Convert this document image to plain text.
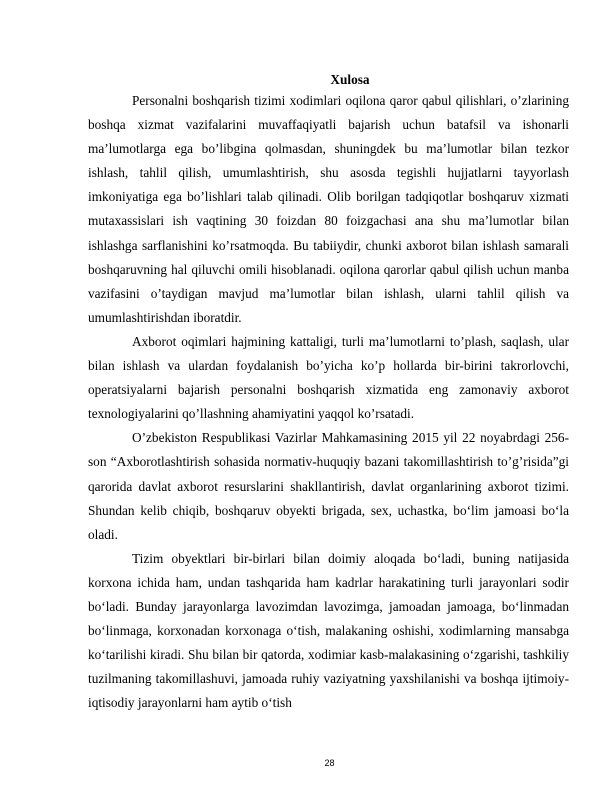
Xulosa

Personalni boshqarish tizimi xodimlari oqilona qaror qabul qilishlari, o’zlarining boshqa xizmat vazifalarini muvaffaqiyatli bajarish uchun batafsil va ishonarli ma’lumotlarga ega bo’libgina qolmasdan, shuningdek bu ma’lumotlar bilan tezkor ishlash, tahlil qilish, umumlashtirish, shu asosda tegishli hujjatlarni tayyorlash imkoniyatiga ega bo’lishlari talab qilinadi. Olib borilgan tadqiqotlar boshqaruv xizmati mutaxassislari ish vaqtining 30 foizdan 80 foizgachasi ana shu ma’lumotlar bilan ishlashga sarflanishini ko’rsatmoqda. Bu tabiiydir, chunki axborot bilan ishlash samarali boshqaruvning hal qiluvchi omili hisoblanadi. oqilona qarorlar qabul qilish uchun manba vazifasini o’taydigan mavjud ma’lumotlar bilan ishlash, ularni tahlil qilish va umumlashtirishdan iboratdir.

Axborot oqimlari hajmining kattaligi, turli ma’lumotlarni to’plash, saqlash, ular bilan ishlash va ulardan foydalanish bo’yicha ko’p hollarda bir-birini takrorlovchi, operatsiyalarni bajarish personalni boshqarish xizmatida eng zamonaviy axborot texnologiyalarini qo’llashning ahamiyatini yaqqol ko’rsatadi.

O’zbekiston Respublikasi Vazirlar Mahkamasining 2015 yil 22 noyabrdagi 256-son “Axborotlashtirish sohasida normativ-huquqiy bazani takomillashtirish to’g’risida”gi qarorida davlat axborot resurslarini shakllantirish, davlat organlarining axborot tizimi. Shundan kelib chiqib, boshqaruv obyekti brigada, sex, uchastka, bo‘lim jamoasi bo‘la oladi.

Tizim obyektlari bir-birlari bilan doimiy aloqada bo‘ladi, buning natijasida korxona ichida ham, undan tashqarida ham kadrlar harakatining turli jarayonlari sodir bo‘ladi. Bunday jarayonlarga lavozimdan lavozimga, jamoadan jamoaga, bo‘linmadan bo‘linmaga, korxonadan korxonaga o‘tish, malakaning oshishi, xodimlarning mansabga ko‘tarilishi kiradi. Shu bilan bir qatorda, xodimiar kasb-malakasining o‘zgarishi, tashkiliy tuzilmaning takomillashuvi, jamoada ruhiy vaziyatning yaxshilanishi va boshqa ijtimoiy-iqtisodiy jarayonlarni ham aytib o‘tish

28
